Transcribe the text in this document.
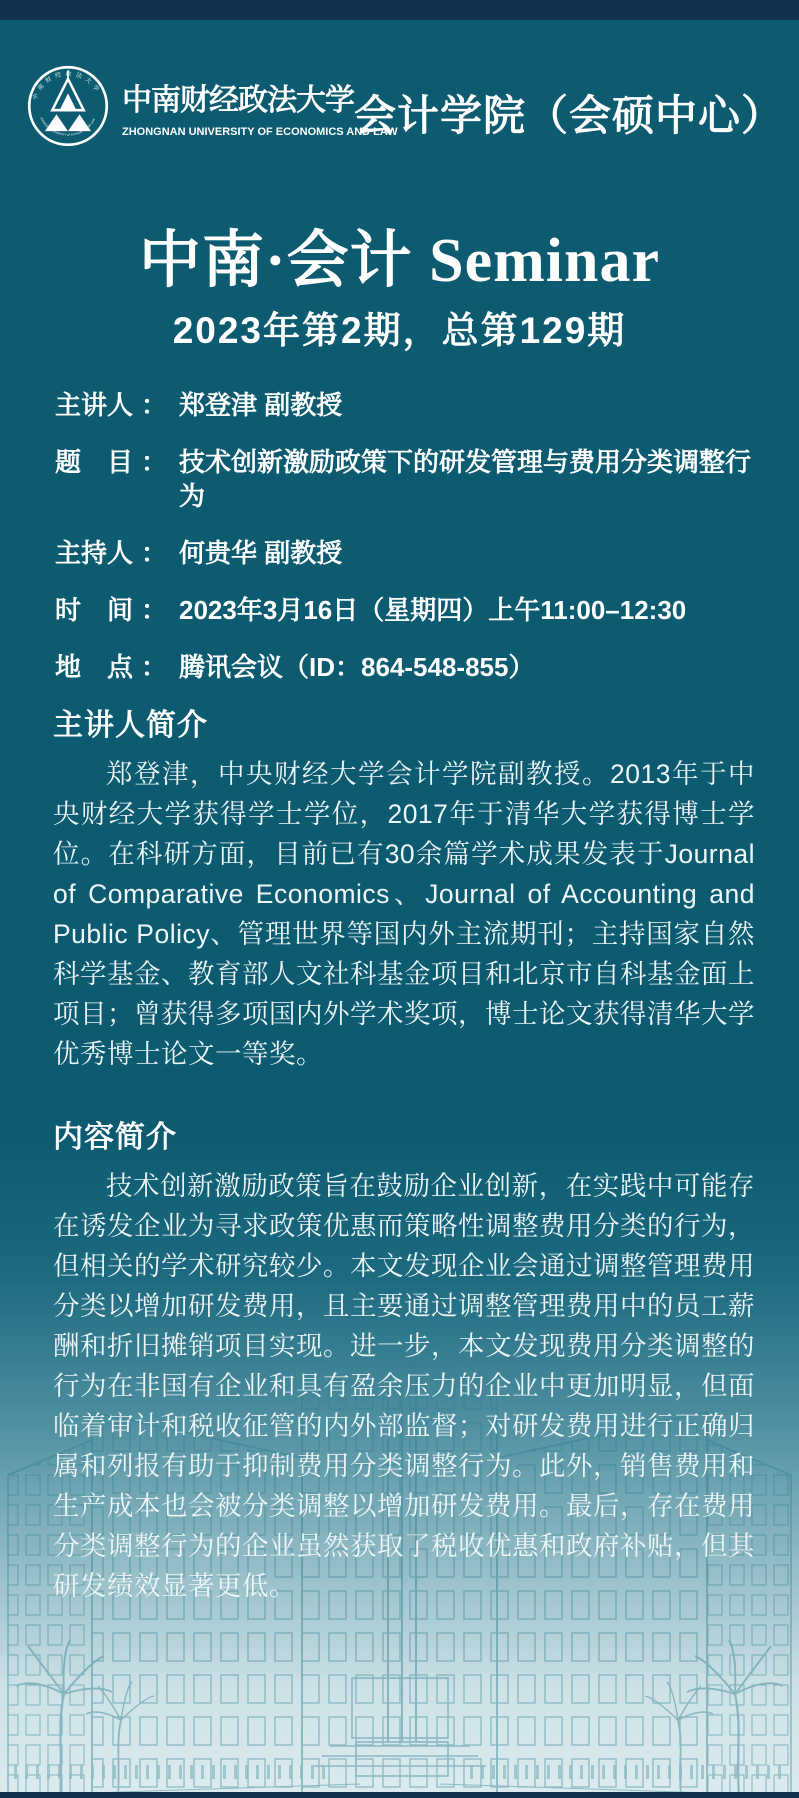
中南财经政法大学
ZHONGNAN UNIVERSITY OF ECONOMICS AND LAW
中南财经政法大学
ZHONGNAN UNIVERSITY OF ECONOMICS AND LAW
会计学院（会硕中心）
中南·会计 Seminar
2023年第2期，总第129期
主讲人 ： 郑登津 副教授
题　目 ： 技术创新激励政策下的研发管理与费用分类调整行为
主持人 ： 何贵华 副教授
时　间 ： 2023年3月16日（星期四）上午11:00–12:30
地　点 ： 腾讯会议（ID：864-548-855）
主讲人简介

郑登津，中央财经大学会计学院副教授。2013年于中央财经大学获得学士学位，2017年于清华大学获得博士学位。在科研方面，目前已有30余篇学术成果发表于Journal of Comparative Economics、Journal of Accounting and Public Policy、管理世界等国内外主流期刊；主持国家自然科学基金、教育部人文社科基金项目和北京市自科基金面上项目；曾获得多项国内外学术奖项，博士论文获得清华大学优秀博士论文一等奖。

内容简介

技术创新激励政策旨在鼓励企业创新，在实践中可能存在诱发企业为寻求政策优惠而策略性调整费用分类的行为，但相关的学术研究较少。本文发现企业会通过调整管理费用分类以增加研发费用，且主要通过调整管理费用中的员工薪酬和折旧摊销项目实现。进一步，本文发现费用分类调整的行为在非国有企业和具有盈余压力的企业中更加明显，但面临着审计和税收征管的内外部监督；对研发费用进行正确归属和列报有助于抑制费用分类调整行为。此外，销售费用和生产成本也会被分类调整以增加研发费用。最后，存在费用分类调整行为的企业虽然获取了税收优惠和政府补贴，但其研发绩效显著更低。
